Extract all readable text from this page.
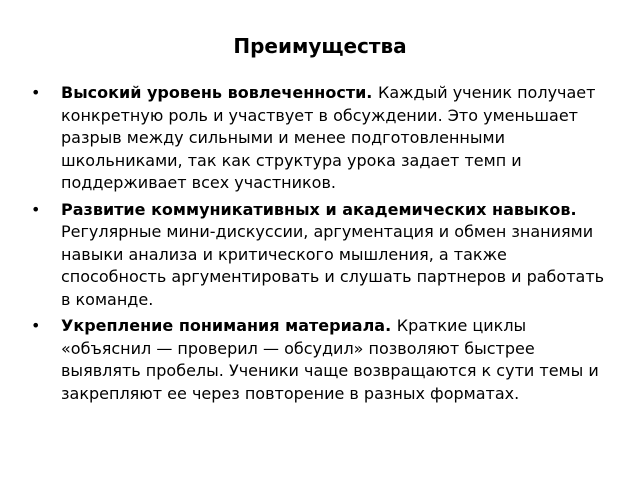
Преимущества
• Высокий уровень вовлеченности. Каждый ученик получает конкретную роль и участвует в обсуждении. Это уменьшает разрыв между сильными и менее подготовленными школьниками, так как структура урока задает темп и поддерживает всех участников.
• Развитие коммуникативных и академических навыков. Регулярные мини-дискуссии, аргументация и обмен знаниями навыки анализа и критического мышления, а также способность аргументировать и слушать партнеров и работать в команде.
• Укрепление понимания материала. Краткие циклы «объяснил — проверил — обсудил» позволяют быстрее выявлять пробелы. Ученики чаще возвращаются к сути темы и закрепляют ее через повторение в разных форматах.
